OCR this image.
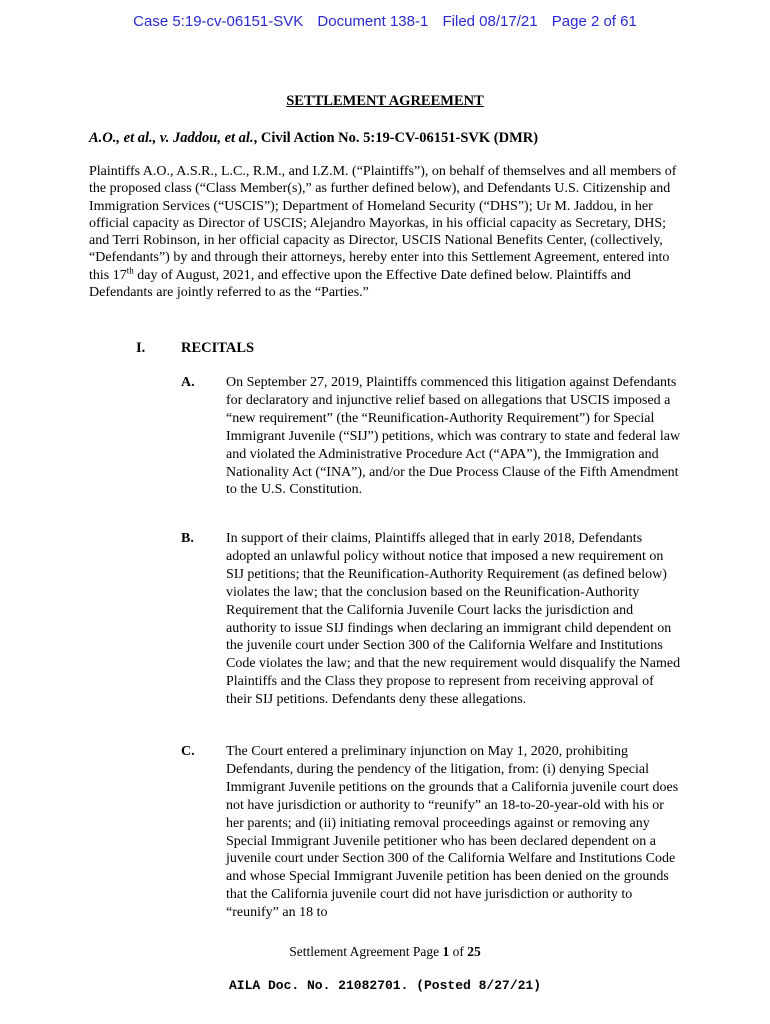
Case 5:19-cv-06151-SVK Document 138-1 Filed 08/17/21 Page 2 of 61
SETTLEMENT AGREEMENT
A.O., et al., v. Jaddou, et al., Civil Action No. 5:19-CV-06151-SVK (DMR)
Plaintiffs A.O., A.S.R., L.C., R.M., and I.Z.M. (“Plaintiffs”), on behalf of themselves and all members of the proposed class (“Class Member(s),” as further defined below), and Defendants U.S. Citizenship and Immigration Services (“USCIS”); Department of Homeland Security (“DHS”); Ur M. Jaddou, in her official capacity as Director of USCIS; Alejandro Mayorkas, in his official capacity as Secretary, DHS; and Terri Robinson, in her official capacity as Director, USCIS National Benefits Center, (collectively, “Defendants”) by and through their attorneys, hereby enter into this Settlement Agreement, entered into this 17th day of August, 2021, and effective upon the Effective Date defined below. Plaintiffs and Defendants are jointly referred to as the “Parties.”
I. RECITALS
A. On September 27, 2019, Plaintiffs commenced this litigation against Defendants for declaratory and injunctive relief based on allegations that USCIS imposed a “new requirement” (the “Reunification-Authority Requirement”) for Special Immigrant Juvenile (“SIJ”) petitions, which was contrary to state and federal law and violated the Administrative Procedure Act (“APA”), the Immigration and Nationality Act (“INA”), and/or the Due Process Clause of the Fifth Amendment to the U.S. Constitution.
B. In support of their claims, Plaintiffs alleged that in early 2018, Defendants adopted an unlawful policy without notice that imposed a new requirement on SIJ petitions; that the Reunification-Authority Requirement (as defined below) violates the law; that the conclusion based on the Reunification-Authority Requirement that the California Juvenile Court lacks the jurisdiction and authority to issue SIJ findings when declaring an immigrant child dependent on the juvenile court under Section 300 of the California Welfare and Institutions Code violates the law; and that the new requirement would disqualify the Named Plaintiffs and the Class they propose to represent from receiving approval of their SIJ petitions. Defendants deny these allegations.
C. The Court entered a preliminary injunction on May 1, 2020, prohibiting Defendants, during the pendency of the litigation, from: (i) denying Special Immigrant Juvenile petitions on the grounds that a California juvenile court does not have jurisdiction or authority to “reunify” an 18-to-20-year-old with his or her parents; and (ii) initiating removal proceedings against or removing any Special Immigrant Juvenile petitioner who has been declared dependent on a juvenile court under Section 300 of the California Welfare and Institutions Code and whose Special Immigrant Juvenile petition has been denied on the grounds that the California juvenile court did not have jurisdiction or authority to “reunify” an 18 to
Settlement Agreement Page 1 of 25
AILA Doc. No. 21082701. (Posted 8/27/21)
